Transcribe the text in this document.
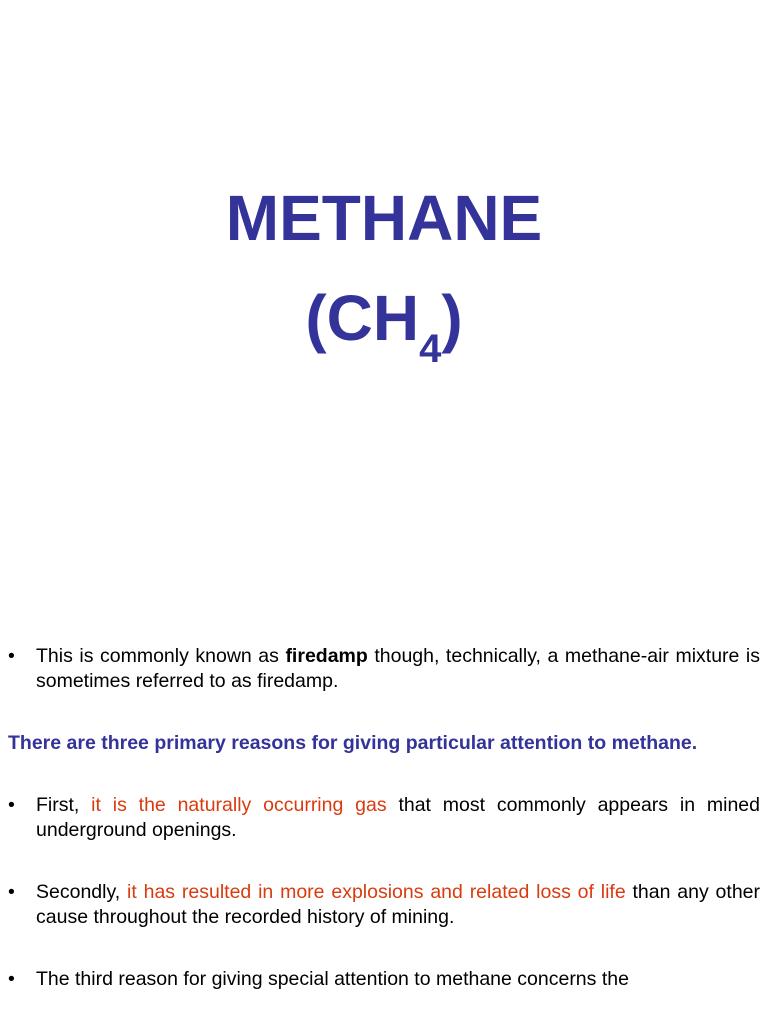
METHANE
$(CH_4)$

• This is commonly known as firedamp though, technically, a methane-air mixture is sometimes referred to as firedamp.

There are three primary reasons for giving particular attention to methane.

• First, it is the naturally occurring gas that most commonly appears in mined underground openings.

• Secondly, it has resulted in more explosions and related loss of life than any other cause throughout the recorded history of mining.

• The third reason for giving special attention to methane concerns the
